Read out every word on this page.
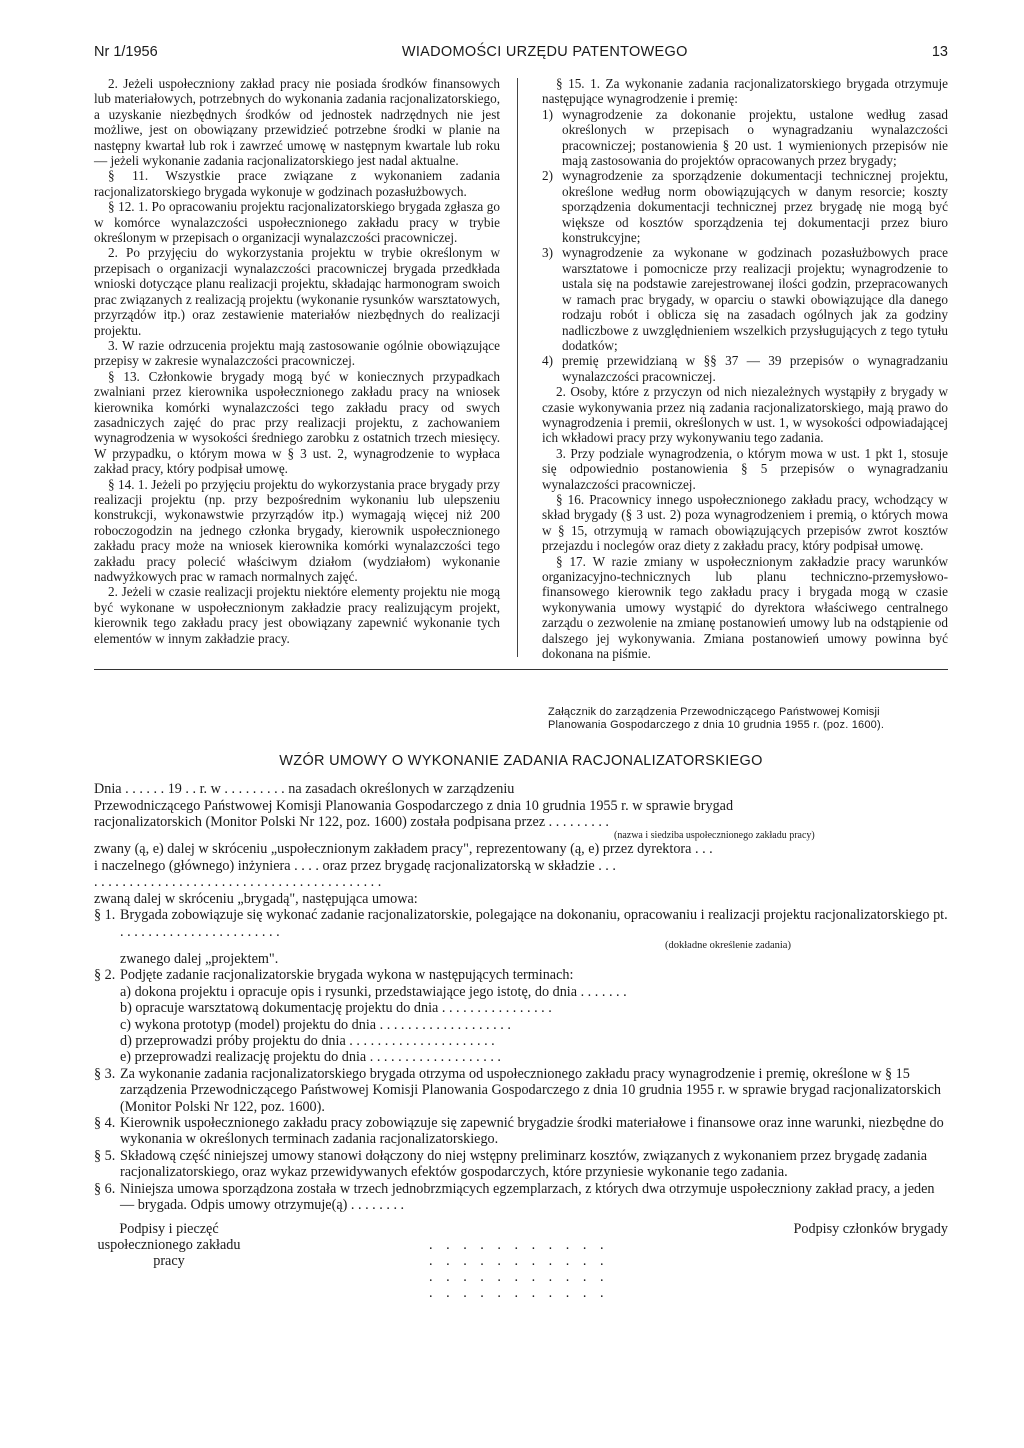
Nr 1/1956	WIADOMOŚCI URZĘDU PATENTOWEGO	13

2. Jeżeli uspołeczniony zakład pracy nie posiada środków finansowych lub materiałowych, potrzebnych do wykonania zadania racjonalizatorskiego, a uzyskanie niezbędnych środków od jednostek nadrzędnych nie jest możliwe, jest on obowiązany przewidzieć potrzebne środki w planie na następny kwartał lub rok i zawrzeć umowę w następnym kwartale lub roku — jeżeli wykonanie zadania racjonalizatorskiego jest nadal aktualne.

§ 11. Wszystkie prace związane z wykonaniem zadania racjonalizatorskiego brygada wykonuje w godzinach pozasłużbowych.

§ 12. 1. Po opracowaniu projektu racjonalizatorskiego brygada zgłasza go w komórce wynalazczości uspołecznionego zakładu pracy w trybie określonym w przepisach o organizacji wynalazczości pracowniczej.

2. Po przyjęciu do wykorzystania projektu w trybie określonym w przepisach o organizacji wynalazczości pracowniczej brygada przedkłada wnioski dotyczące planu realizacji projektu, składając harmonogram swoich prac związanych z realizacją projektu (wykonanie rysunków warsztatowych, przyrządów itp.) oraz zestawienie materiałów niezbędnych do realizacji projektu.

3. W razie odrzucenia projektu mają zastosowanie ogólnie obowiązujące przepisy w zakresie wynalazczości pracowniczej.

§ 13. Członkowie brygady mogą być w koniecznych przypadkach zwalniani przez kierownika uspołecznionego zakładu pracy na wniosek kierownika komórki wynalazczości tego zakładu pracy od swych zasadniczych zajęć do prac przy realizacji projektu, z zachowaniem wynagrodzenia w wysokości średniego zarobku z ostatnich trzech miesięcy. W przypadku, o którym mowa w § 3 ust. 2, wynagrodzenie to wypłaca zakład pracy, który podpisał umowę.

§ 14. 1. Jeżeli po przyjęciu projektu do wykorzystania prace brygady przy realizacji projektu (np. przy bezpośrednim wykonaniu lub ulepszeniu konstrukcji, wykonawstwie przyrządów itp.) wymagają więcej niż 200 roboczogodzin na jednego członka brygady, kierownik uspołecznionego zakładu pracy może na wniosek kierownika komórki wynalazczości tego zakładu pracy polecić właściwym działom (wydziałom) wykonanie nadwyżkowych prac w ramach normalnych zajęć.

2. Jeżeli w czasie realizacji projektu niektóre elementy projektu nie mogą być wykonane w uspołecznionym zakładzie pracy realizującym projekt, kierownik tego zakładu pracy jest obowiązany zapewnić wykonanie tych elementów w innym zakładzie pracy.

§ 15. 1. Za wykonanie zadania racjonalizatorskiego brygada otrzymuje następujące wynagrodzenie i premię:

1) wynagrodzenie za dokonanie projektu, ustalone według zasad określonych w przepisach o wynagradzaniu wynalazczości pracowniczej; postanowienia § 20 ust. 1 wymienionych przepisów nie mają zastosowania do projektów opracowanych przez brygady;
2) wynagrodzenie za sporządzenie dokumentacji technicznej projektu, określone według norm obowiązujących w danym resorcie; koszty sporządzenia dokumentacji technicznej przez brygadę nie mogą być większe od kosztów sporządzenia tej dokumentacji przez biuro konstrukcyjne;
3) wynagrodzenie za wykonane w godzinach pozasłużbowych prace warsztatowe i pomocnicze przy realizacji projektu; wynagrodzenie to ustala się na podstawie zarejestrowanej ilości godzin, przepracowanych w ramach prac brygady, w oparciu o stawki obowiązujące dla danego rodzaju robót i oblicza się na zasadach ogólnych jak za godziny nadliczbowe z uwzględnieniem wszelkich przysługujących z tego tytułu dodatków;
4) premię przewidzianą w §§ 37 — 39 przepisów o wynagradzaniu wynalazczości pracowniczej.

2. Osoby, które z przyczyn od nich niezależnych wystąpiły z brygady w czasie wykonywania przez nią zadania racjonalizatorskiego, mają prawo do wynagrodzenia i premii, określonych w ust. 1, w wysokości odpowiadającej ich wkładowi pracy przy wykonywaniu tego zadania.

3. Przy podziale wynagrodzenia, o którym mowa w ust. 1 pkt 1, stosuje się odpowiednio postanowienia § 5 przepisów o wynagradzaniu wynalazczości pracowniczej.

§ 16. Pracownicy innego uspołecznionego zakładu pracy, wchodzący w skład brygady (§ 3 ust. 2) poza wynagrodzeniem i premią, o których mowa w § 15, otrzymują w ramach obowiązujących przepisów zwrot kosztów przejazdu i noclegów oraz diety z zakładu pracy, który podpisał umowę.

§ 17. W razie zmiany w uspołecznionym zakładzie pracy warunków organizacyjno-technicznych lub planu techniczno-przemysłowo-finansowego kierownik tego zakładu pracy i brygada mogą w czasie wykonywania umowy wystąpić do dyrektora właściwego centralnego zarządu o zezwolenie na zmianę postanowień umowy lub na odstąpienie od dalszego jej wykonywania. Zmiana postanowień umowy powinna być dokonana na piśmie.

Załącznik do zarządzenia Przewodniczącego Państwowej Komisji
Planowania Gospodarczego z dnia 10 grudnia 1955 r. (poz. 1600).
WZÓR UMOWY O WYKONANIE ZADANIA RACJONALIZATORSKIEGO
Dnia . . . . . . 19 . . r. w . . . . . . . . . na zasadach określonych w zarządzeniu
Przewodniczącego Państwowej Komisji Planowania Gospodarczego z dnia 10 grudnia 1955 r. w sprawie brygad
racjonalizatorskich (Monitor Polski Nr 122, poz. 1600) została podpisana przez . . . . . . . . .
(nazwa i siedziba uspołecznionego zakładu pracy)
zwany (ą, e) dalej w skróceniu „uspołecznionym zakładem pracy", reprezentowany (ą, e) przez dyrektora . . .
i naczelnego (głównego) inżyniera . . . . oraz przez brygadę racjonalizatorską w składzie . . .
. . . . . . . . . . . . . . . . . . . . . . . . . . . . . . . . . . . . . . . . .
zwaną dalej w skróceniu „brygadą", następująca umowa:
§ 1. Brygada zobowiązuje się wykonać zadanie racjonalizatorskie, polegające na dokonaniu, opracowaniu i realizacji projektu racjonalizatorskiego pt. . . . . . . . . . . . . . . . . . . . . . . .
(dokładne określenie zadania)
zwanego dalej „projektem".
§ 2. Podjęte zadanie racjonalizatorskie brygada wykona w następujących terminach:
a) dokona projektu i opracuje opis i rysunki, przedstawiające jego istotę, do dnia . . . . . . .
b) opracuje warsztatową dokumentację projektu do dnia . . . . . . . . . . . . . . . .
c) wykona prototyp (model) projektu do dnia . . . . . . . . . . . . . . . . . . .
d) przeprowadzi próby projektu do dnia . . . . . . . . . . . . . . . . . . . . .
e) przeprowadzi realizację projektu do dnia . . . . . . . . . . . . . . . . . . .
§ 3. Za wykonanie zadania racjonalizatorskiego brygada otrzyma od uspołecznionego zakładu pracy wynagrodzenie i premię, określone w § 15 zarządzenia Przewodniczącego Państwowej Komisji Planowania Gospodarczego z dnia 10 grudnia 1955 r. w sprawie brygad racjonalizatorskich (Monitor Polski Nr 122, poz. 1600).
§ 4. Kierownik uspołecznionego zakładu pracy zobowiązuje się zapewnić brygadzie środki materiałowe i finansowe oraz inne warunki, niezbędne do wykonania w określonych terminach zadania racjonalizatorskiego.
§ 5. Składową część niniejszej umowy stanowi dołączony do niej wstępny preliminarz kosztów, związanych z wykonaniem przez brygadę zadania racjonalizatorskiego, oraz wykaz przewidywanych efektów gospodarczych, które przyniesie wykonanie tego zadania.
§ 6. Niniejsza umowa sporządzona została w trzech jednobrzmiących egzemplarzach, z których dwa otrzymuje uspołeczniony zakład pracy, a jeden — brygada. Odpis umowy otrzymuje(ą) . . . . . . . .
Podpisy i pieczęć
uspołecznionego zakładu
pracy
. . . . . . . . . . .
. . . . . . . . . . .
. . . . . . . . . . .
. . . . . . . . . . .
Podpisy członków brygady
